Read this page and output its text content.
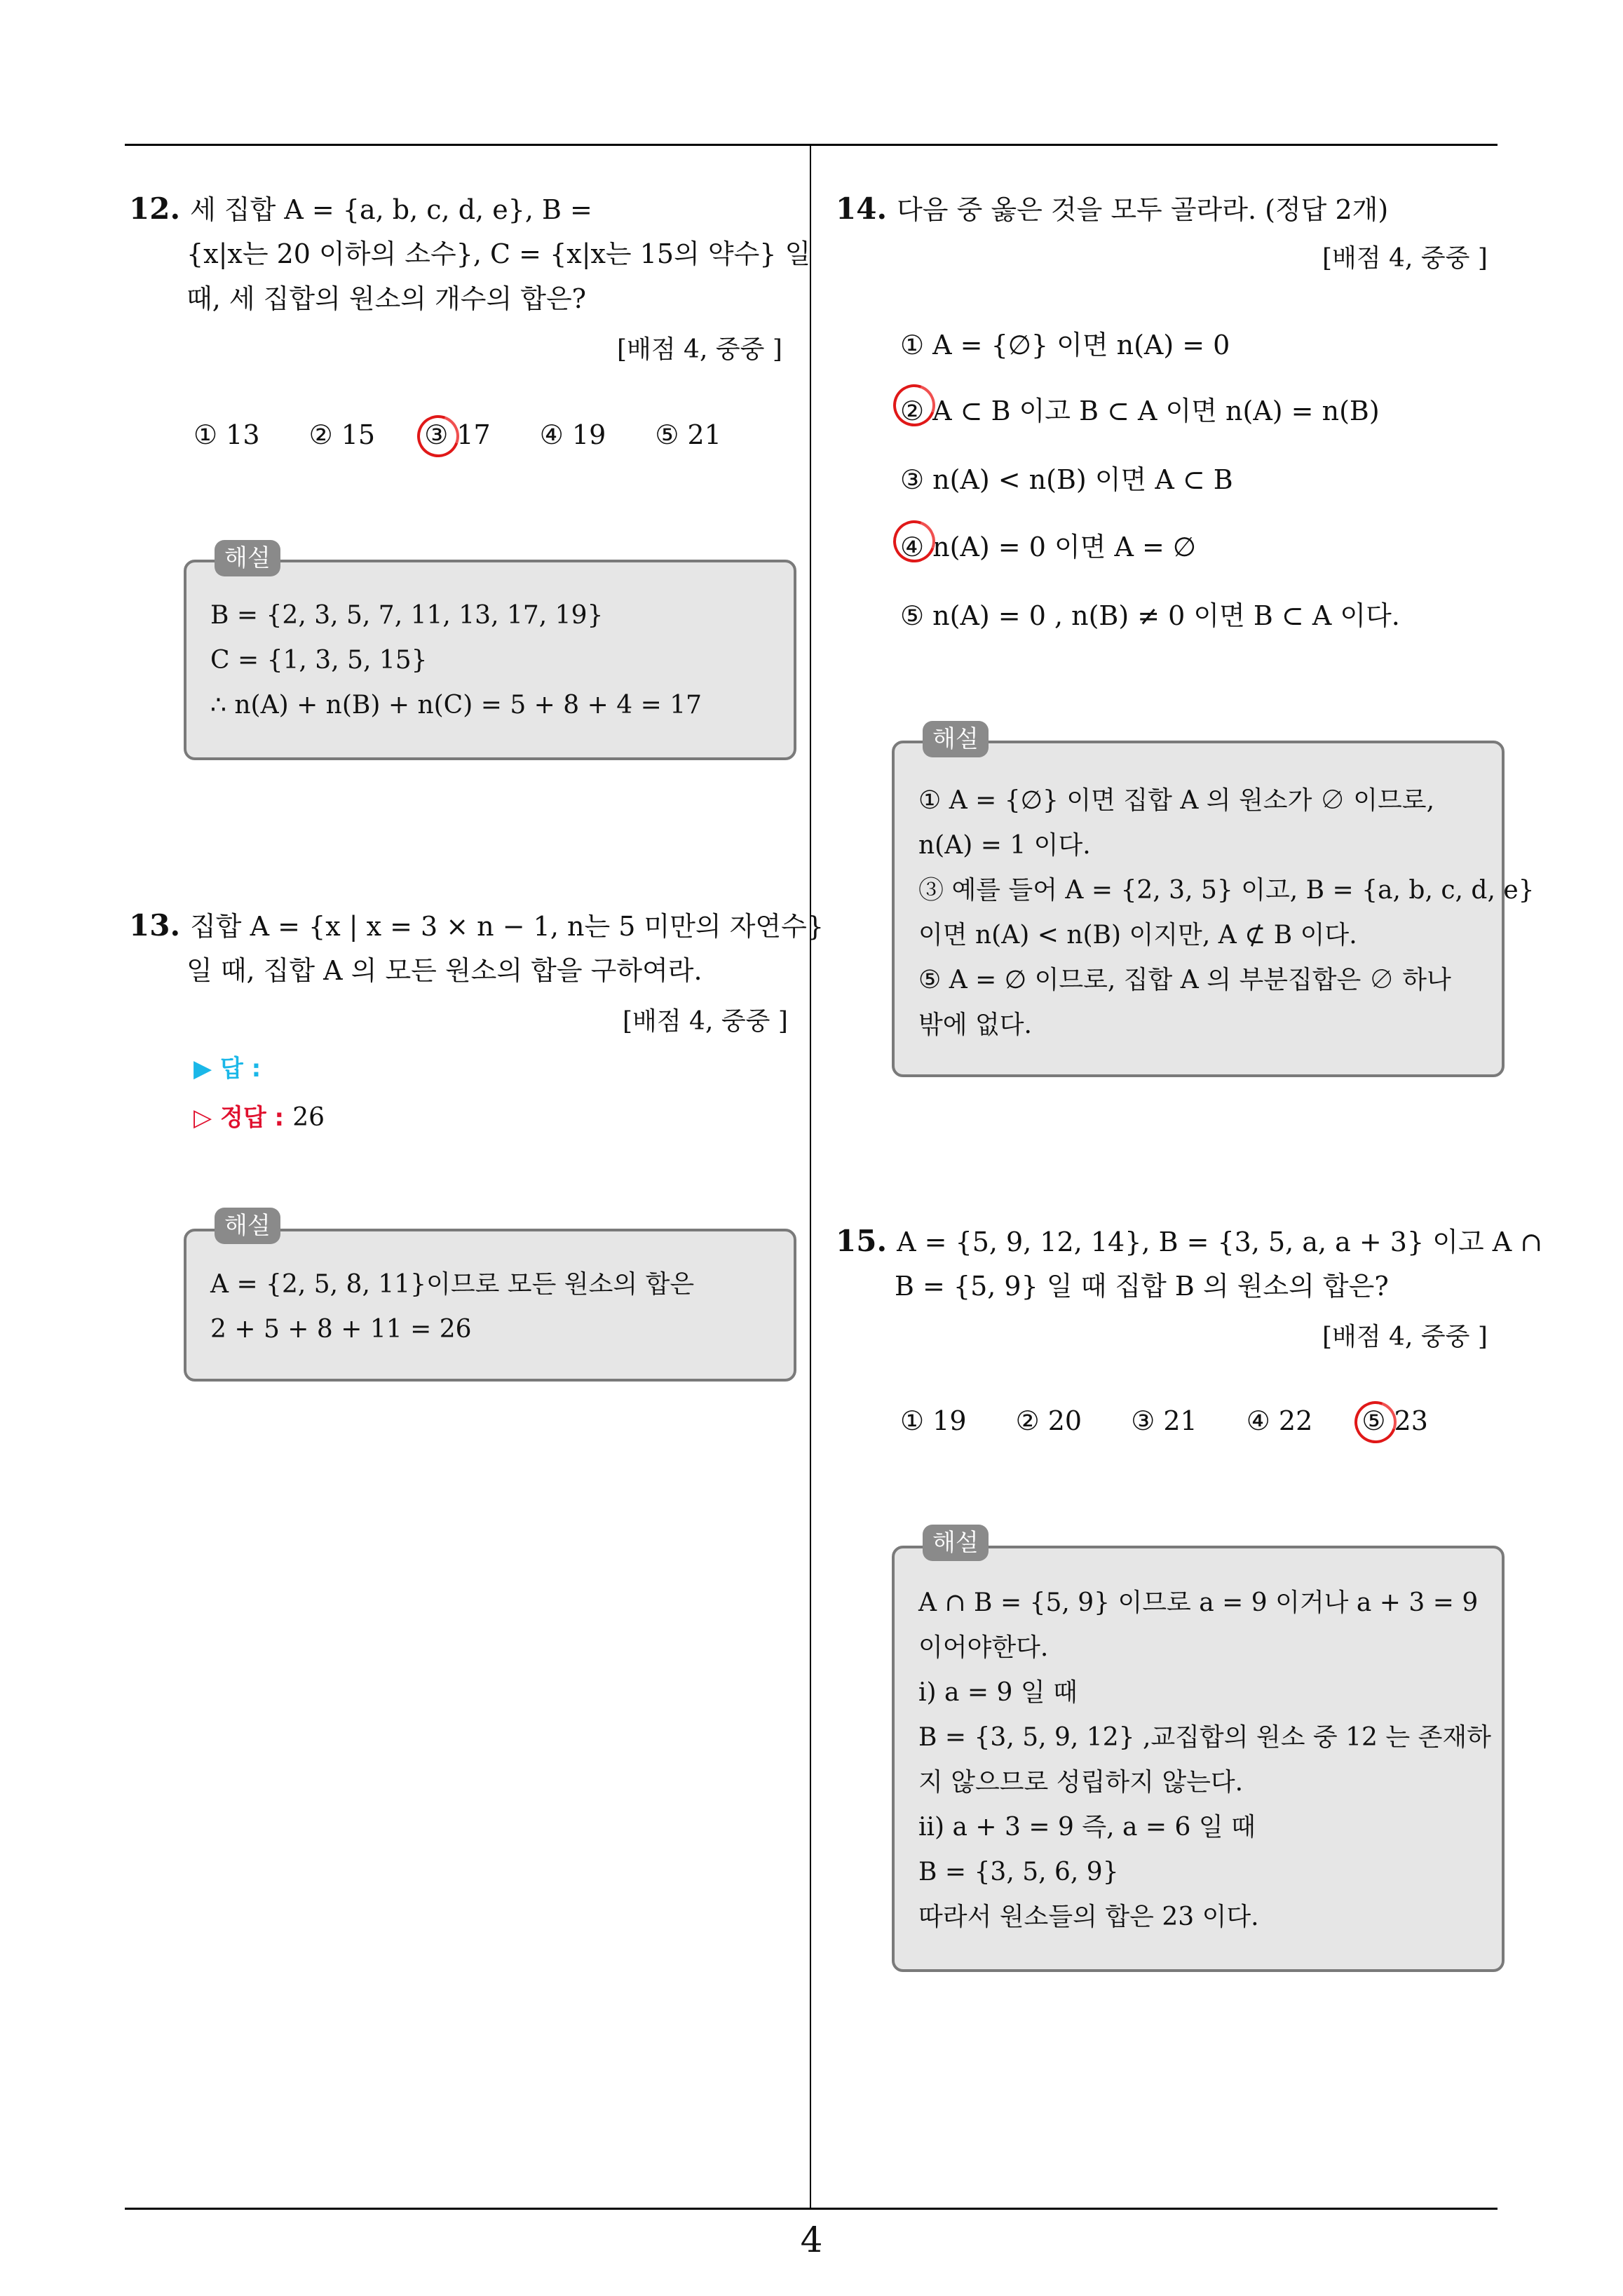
4
12. 세 집합 A = {a, b, c, d, e}, B =
{x|x는 20 이하의 소수}, C = {x|x는 15의 약수} 일
때, 세 집합의 원소의 개수의 합은?
[배점 4, 중중 ]
① 13 ② 15 ③ 17 ④ 19 ⑤ 21
B = {2, 3, 5, 7, 11, 13, 17, 19}
C = {1, 3, 5, 15}
∴ n(A) + n(B) + n(C) = 5 + 8 + 4 = 17
해설
13. 집합 A = {x | x = 3 × n − 1, n는 5 미만의 자연수}
일 때, 집합 A 의 모든 원소의 합을 구하여라.
[배점 4, 중중 ]
▶ 답 :
▷ 정답 : 26
A = {2, 5, 8, 11}이므로 모든 원소의 합은
2 + 5 + 8 + 11 = 26
해설
14. 다음 중 옳은 것을 모두 골라라. (정답 2개)
[배점 4, 중중 ]
① A = {∅} 이면 n(A) = 0
② A ⊂ B 이고 B ⊂ A 이면 n(A) = n(B)
③ n(A) < n(B) 이면 A ⊂ B
④ n(A) = 0 이면 A = ∅
⑤ n(A) = 0 , n(B) ≠ 0 이면 B ⊂ A 이다.
① A = {∅} 이면 집합 A 의 원소가 ∅ 이므로,
n(A) = 1 이다.
③ 예를 들어 A = {2, 3, 5} 이고, B = {a, b, c, d, e}
이면 n(A) < n(B) 이지만, A ⊄ B 이다.
⑤ A = ∅ 이므로, 집합 A 의 부분집합은 ∅ 하나
밖에 없다.
해설
15. A = {5, 9, 12, 14}, B = {3, 5, a, a + 3} 이고 A ∩
B = {5, 9} 일 때 집합 B 의 원소의 합은?
[배점 4, 중중 ]
① 19 ② 20 ③ 21 ④ 22 ⑤ 23
A ∩ B = {5, 9} 이므로 a = 9 이거나 a + 3 = 9
이어야한다.
ⅰ) a = 9 일 때
B = {3, 5, 9, 12} ,교집합의 원소 중 12 는 존재하
지 않으므로 성립하지 않는다.
ⅱ) a + 3 = 9 즉, a = 6 일 때
B = {3, 5, 6, 9}
따라서 원소들의 합은 23 이다.
해설
